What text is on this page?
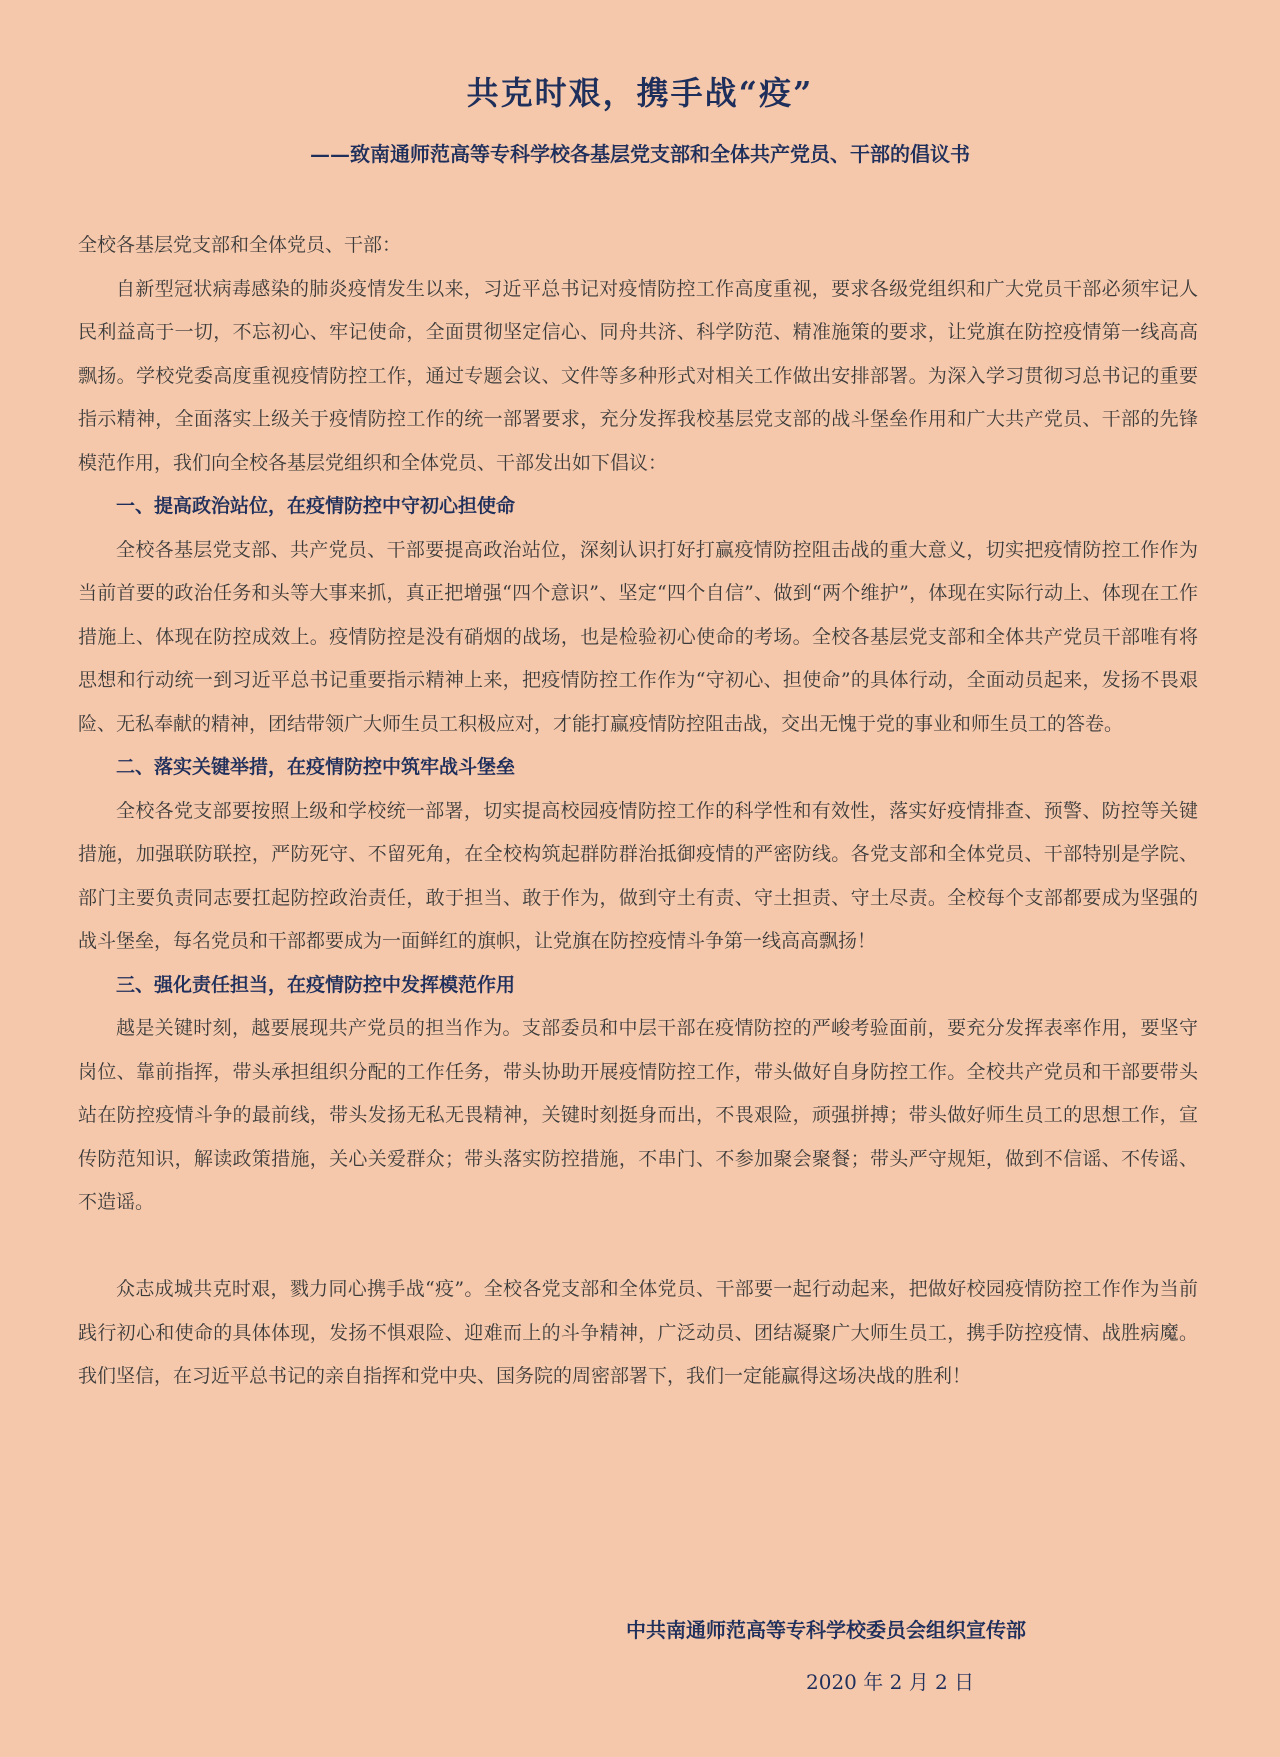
共克时艰，携手战“疫”
——致南通师范高等专科学校各基层党支部和全体共产党员、干部的倡议书

全校各基层党支部和全体党员、干部：

自新型冠状病毒感染的肺炎疫情发生以来，习近平总书记对疫情防控工作高度重视，要求各级党组织和广大党员干部必须牢记人民利益高于一切，不忘初心、牢记使命，全面贯彻坚定信心、同舟共济、科学防范、精准施策的要求，让党旗在防控疫情第一线高高飘扬。学校党委高度重视疫情防控工作，通过专题会议、文件等多种形式对相关工作做出安排部署。为深入学习贯彻习总书记的重要指示精神，全面落实上级关于疫情防控工作的统一部署要求，充分发挥我校基层党支部的战斗堡垒作用和广大共产党员、干部的先锋模范作用，我们向全校各基层党组织和全体党员、干部发出如下倡议：

一、提高政治站位，在疫情防控中守初心担使命

全校各基层党支部、共产党员、干部要提高政治站位，深刻认识打好打赢疫情防控阻击战的重大意义，切实把疫情防控工作作为当前首要的政治任务和头等大事来抓，真正把增强“四个意识”、坚定“四个自信”、做到“两个维护”，体现在实际行动上、体现在工作措施上、体现在防控成效上。疫情防控是没有硝烟的战场，也是检验初心使命的考场。全校各基层党支部和全体共产党员干部唯有将思想和行动统一到习近平总书记重要指示精神上来，把疫情防控工作作为“守初心、担使命”的具体行动，全面动员起来，发扬不畏艰险、无私奉献的精神，团结带领广大师生员工积极应对，才能打赢疫情防控阻击战，交出无愧于党的事业和师生员工的答卷。

二、落实关键举措，在疫情防控中筑牢战斗堡垒

全校各党支部要按照上级和学校统一部署，切实提高校园疫情防控工作的科学性和有效性，落实好疫情排查、预警、防控等关键措施，加强联防联控，严防死守、不留死角，在全校构筑起群防群治抵御疫情的严密防线。各党支部和全体党员、干部特别是学院、部门主要负责同志要扛起防控政治责任，敢于担当、敢于作为，做到守土有责、守土担责、守土尽责。全校每个支部都要成为坚强的战斗堡垒，每名党员和干部都要成为一面鲜红的旗帜，让党旗在防控疫情斗争第一线高高飘扬！

三、强化责任担当，在疫情防控中发挥模范作用

越是关键时刻，越要展现共产党员的担当作为。支部委员和中层干部在疫情防控的严峻考验面前，要充分发挥表率作用，要坚守岗位、靠前指挥，带头承担组织分配的工作任务，带头协助开展疫情防控工作，带头做好自身防控工作。全校共产党员和干部要带头站在防控疫情斗争的最前线，带头发扬无私无畏精神，关键时刻挺身而出，不畏艰险，顽强拼搏；带头做好师生员工的思想工作，宣传防范知识，解读政策措施，关心关爱群众；带头落实防控措施，不串门、不参加聚会聚餐；带头严守规矩，做到不信谣、不传谣、不造谣。

众志成城共克时艰，戮力同心携手战“疫”。全校各党支部和全体党员、干部要一起行动起来，把做好校园疫情防控工作作为当前践行初心和使命的具体体现，发扬不惧艰险、迎难而上的斗争精神，广泛动员、团结凝聚广大师生员工，携手防控疫情、战胜病魔。我们坚信，在习近平总书记的亲自指挥和党中央、国务院的周密部署下，我们一定能赢得这场决战的胜利！

中共南通师范高等专科学校委员会组织宣传部

2020 年 2 月 2 日
